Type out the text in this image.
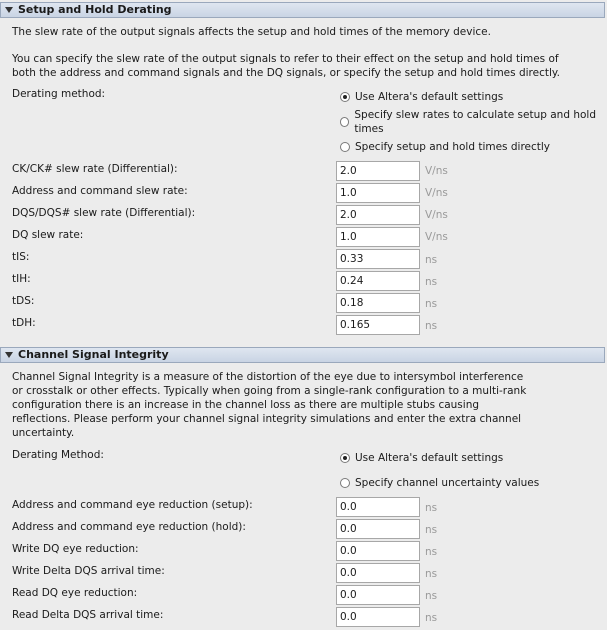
Setup and Hold Derating
The slew rate of the output signals affects the setup and hold times of the memory device.
You can specify the slew rate of the output signals to refer to their effect on the setup and hold times of
both the address and command signals and the DQ signals, or specify the setup and hold times directly.
Derating method:	Use Altera's default settings
Specify slew rates to calculate setup and hold times
Specify setup and hold times directly
CK/CK# slew rate (Differential):
2.0	V/ns
Address and command slew rate:
1.0	V/ns
DQS/DQS# slew rate (Differential):
2.0	V/ns
DQ slew rate:
1.0	V/ns
tIS:
0.33	ns
tIH:
0.24	ns
tDS:
0.18	ns
tDH:
0.165	ns
Channel Signal Integrity
Channel Signal Integrity is a measure of the distortion of the eye due to intersymbol interference
or crosstalk or other effects. Typically when going from a single-rank configuration to a multi-rank
configuration there is an increase in the channel loss as there are multiple stubs causing
reflections. Please perform your channel signal integrity simulations and enter the extra channel
uncertainty.
Derating Method:	Use Altera's default settings
Specify channel uncertainty values
Address and command eye reduction (setup):
0.0	ns
Address and command eye reduction (hold):
0.0	ns
Write DQ eye reduction:
0.0	ns
Write Delta DQS arrival time:
0.0	ns
Read DQ eye reduction:
0.0	ns
Read Delta DQS arrival time:
0.0	ns
